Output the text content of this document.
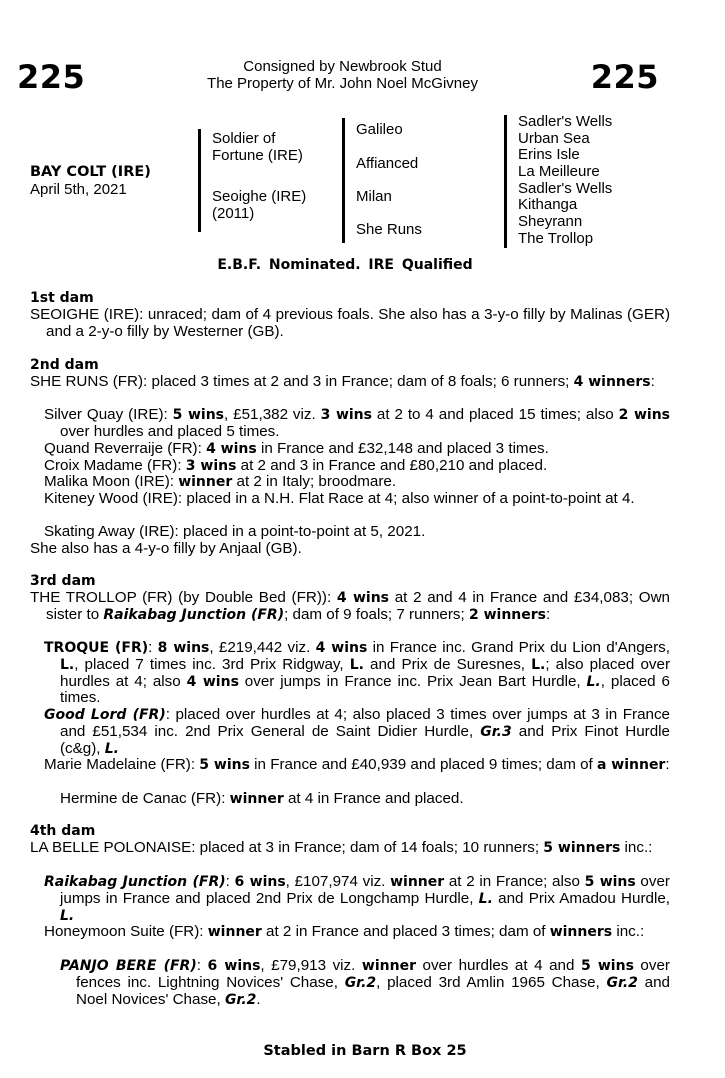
225	225
Consigned by Newbrook Stud
The Property of Mr. John Noel McGivney
BAY COLT (IRE)
April 5th, 2021
Soldier of Fortune (IRE)
Seoighe (IRE) (2011)
Galileo
Affianced
Milan
She Runs
Sadler's Wells
Urban Sea
Erins Isle
La Meilleure
Sadler's Wells
Kithanga
Sheyrann
The Trollop
E.B.F. Nominated. IRE Qualified
1st dam
SEOIGHE (IRE): unraced; dam of 4 previous foals. She also has a 3-y-o filly by Malinas (GER) and a 2-y-o filly by Westerner (GB).
2nd dam
SHE RUNS (FR): placed 3 times at 2 and 3 in France; dam of 8 foals; 6 runners; 4 winners:
Silver Quay (IRE): 5 wins, £51,382 viz. 3 wins at 2 to 4 and placed 15 times; also 2 wins over hurdles and placed 5 times.
Quand Reverraije (FR): 4 wins in France and £32,148 and placed 3 times.
Croix Madame (FR): 3 wins at 2 and 3 in France and £80,210 and placed.
Malika Moon (IRE): winner at 2 in Italy; broodmare.
Kiteney Wood (IRE): placed in a N.H. Flat Race at 4; also winner of a point-to-point at 4.
Skating Away (IRE): placed in a point-to-point at 5, 2021.
She also has a 4-y-o filly by Anjaal (GB).
3rd dam
THE TROLLOP (FR) (by Double Bed (FR)): 4 wins at 2 and 4 in France and £34,083; Own sister to Raikabag Junction (FR); dam of 9 foals; 7 runners; 2 winners:
TROQUE (FR): 8 wins, £219,442 viz. 4 wins in France inc. Grand Prix du Lion d'Angers, L., placed 7 times inc. 3rd Prix Ridgway, L. and Prix de Suresnes, L.; also placed over hurdles at 4; also 4 wins over jumps in France inc. Prix Jean Bart Hurdle, L., placed 6 times.
Good Lord (FR): placed over hurdles at 4; also placed 3 times over jumps at 3 in France and £51,534 inc. 2nd Prix General de Saint Didier Hurdle, Gr.3 and Prix Finot Hurdle (c&g), L.
Marie Madelaine (FR): 5 wins in France and £40,939 and placed 9 times; dam of a winner:
Hermine de Canac (FR): winner at 4 in France and placed.
4th dam
LA BELLE POLONAISE: placed at 3 in France; dam of 14 foals; 10 runners; 5 winners inc.:
Raikabag Junction (FR): 6 wins, £107,974 viz. winner at 2 in France; also 5 wins over jumps in France and placed 2nd Prix de Longchamp Hurdle, L. and Prix Amadou Hurdle, L.
Honeymoon Suite (FR): winner at 2 in France and placed 3 times; dam of winners inc.:
PANJO BERE (FR): 6 wins, £79,913 viz. winner over hurdles at 4 and 5 wins over fences inc. Lightning Novices' Chase, Gr.2, placed 3rd Amlin 1965 Chase, Gr.2 and Noel Novices' Chase, Gr.2.
Stabled in Barn R Box 25
